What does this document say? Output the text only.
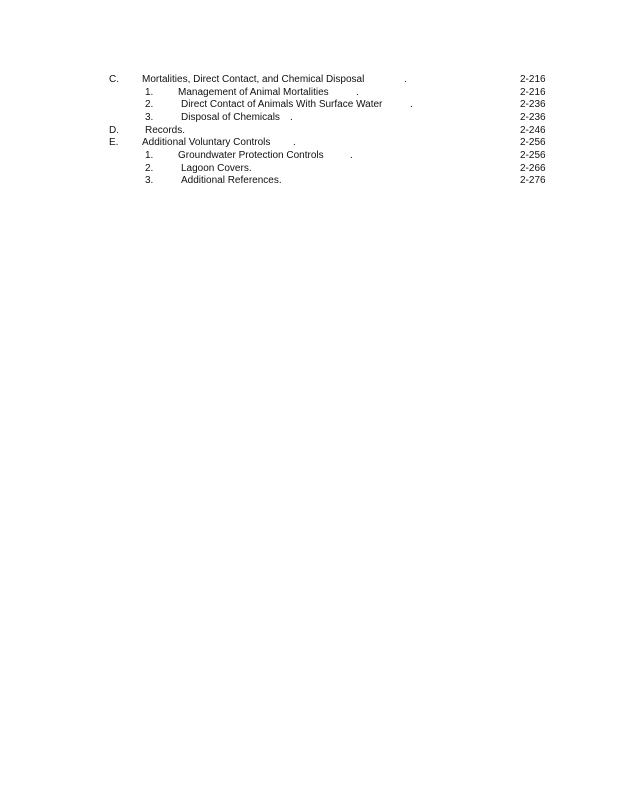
C. Mortalities, Direct Contact, and Chemical Disposal	.	2-216
1. Management of Animal Mortalities	.	2-216
2.	Direct Contact of Animals With Surface Water	.	2-236
3.	Disposal of Chemicals .	2-236
D.	Records.	2-246
E. Additional Voluntary Controls .	2-256
1. Groundwater Protection Controls	.	2-256
2.	Lagoon Covers.	2-266
3.	Additional References.	2-276
